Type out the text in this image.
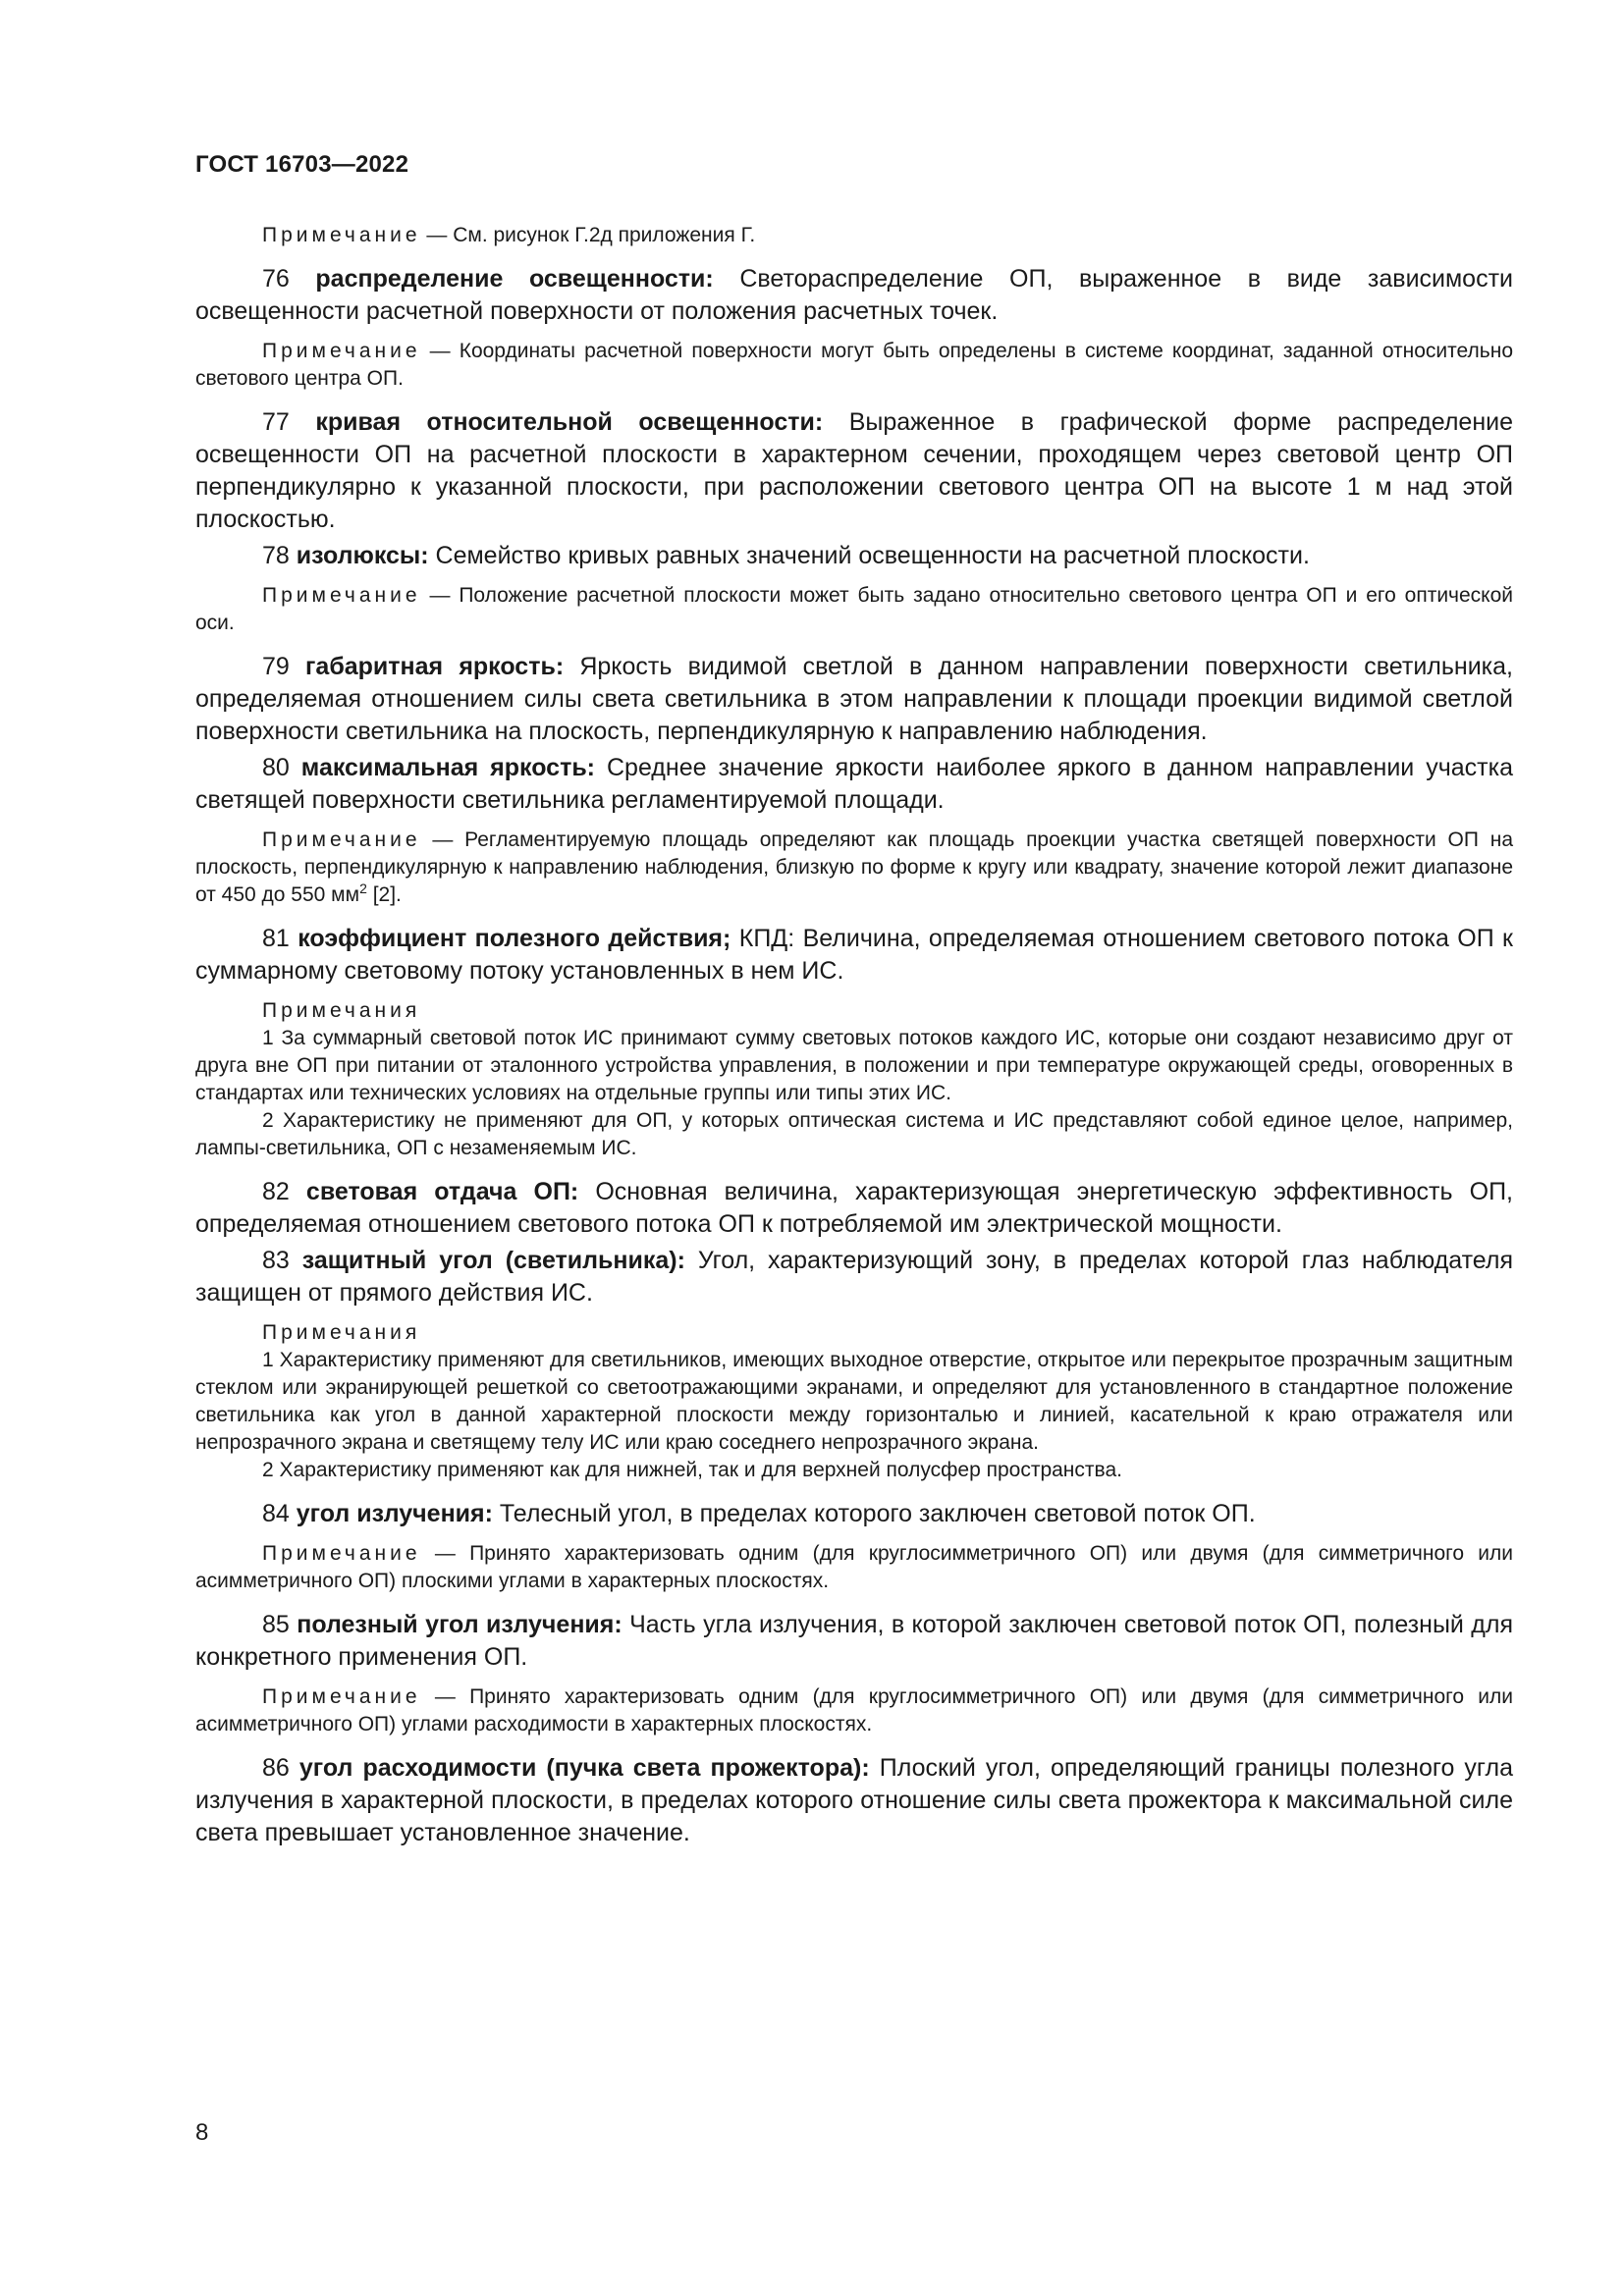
ГОСТ 16703—2022

Примечание — См. рисунок Г.2д приложения Г.

76 распределение освещенности: Светораспределение ОП, выраженное в виде зависимости освещенности расчетной поверхности от положения расчетных точек.

Примечание — Координаты расчетной поверхности могут быть определены в системе координат, заданной относительно светового центра ОП.

77 кривая относительной освещенности: Выраженное в графической форме распределение освещенности ОП на расчетной плоскости в характерном сечении, проходящем через световой центр ОП перпендикулярно к указанной плоскости, при расположении светового центра ОП на высоте 1 м над этой плоскостью.

78 изолюксы: Семейство кривых равных значений освещенности на расчетной плоскости.

Примечание — Положение расчетной плоскости может быть задано относительно светового центра ОП и его оптической оси.

79 габаритная яркость: Яркость видимой светлой в данном направлении поверхности светильника, определяемая отношением силы света светильника в этом направлении к площади проекции видимой светлой поверхности светильника на плоскость, перпендикулярную к направлению наблюдения.

80 максимальная яркость: Среднее значение яркости наиболее яркого в данном направлении участка светящей поверхности светильника регламентируемой площади.

Примечание — Регламентируемую площадь определяют как площадь проекции участка светящей поверхности ОП на плоскость, перпендикулярную к направлению наблюдения, близкую по форме к кругу или квадрату, значение которой лежит диапазоне от 450 до 550 $мм^2$ [2].

81 коэффициент полезного действия; КПД: Величина, определяемая отношением светового потока ОП к суммарному световому потоку установленных в нем ИС.

Примечания

1 За суммарный световой поток ИС принимают сумму световых потоков каждого ИС, которые они создают независимо друг от друга вне ОП при питании от эталонного устройства управления, в положении и при температуре окружающей среды, оговоренных в стандартах или технических условиях на отдельные группы или типы этих ИС.

2 Характеристику не применяют для ОП, у которых оптическая система и ИС представляют собой единое целое, например, лампы-светильника, ОП с незаменяемым ИС.

82 световая отдача ОП: Основная величина, характеризующая энергетическую эффективность ОП, определяемая отношением светового потока ОП к потребляемой им электрической мощности.

83 защитный угол (светильника): Угол, характеризующий зону, в пределах которой глаз наблюдателя защищен от прямого действия ИС.

Примечания

1 Характеристику применяют для светильников, имеющих выходное отверстие, открытое или перекрытое прозрачным защитным стеклом или экранирующей решеткой со светоотражающими экранами, и определяют для установленного в стандартное положение светильника как угол в данной характерной плоскости между горизонталью и линией, касательной к краю отражателя или непрозрачного экрана и светящему телу ИС или краю соседнего непрозрачного экрана.

2 Характеристику применяют как для нижней, так и для верхней полусфер пространства.

84 угол излучения: Телесный угол, в пределах которого заключен световой поток ОП.

Примечание — Принято характеризовать одним (для круглосимметричного ОП) или двумя (для симметричного или асимметричного ОП) плоскими углами в характерных плоскостях.

85 полезный угол излучения: Часть угла излучения, в которой заключен световой поток ОП, полезный для конкретного применения ОП.

Примечание — Принято характеризовать одним (для круглосимметричного ОП) или двумя (для симметричного или асимметричного ОП) углами расходимости в характерных плоскостях.

86 угол расходимости (пучка света прожектора): Плоский угол, определяющий границы полезного угла излучения в характерной плоскости, в пределах которого отношение силы света прожектора к максимальной силе света превышает установленное значение.

8
